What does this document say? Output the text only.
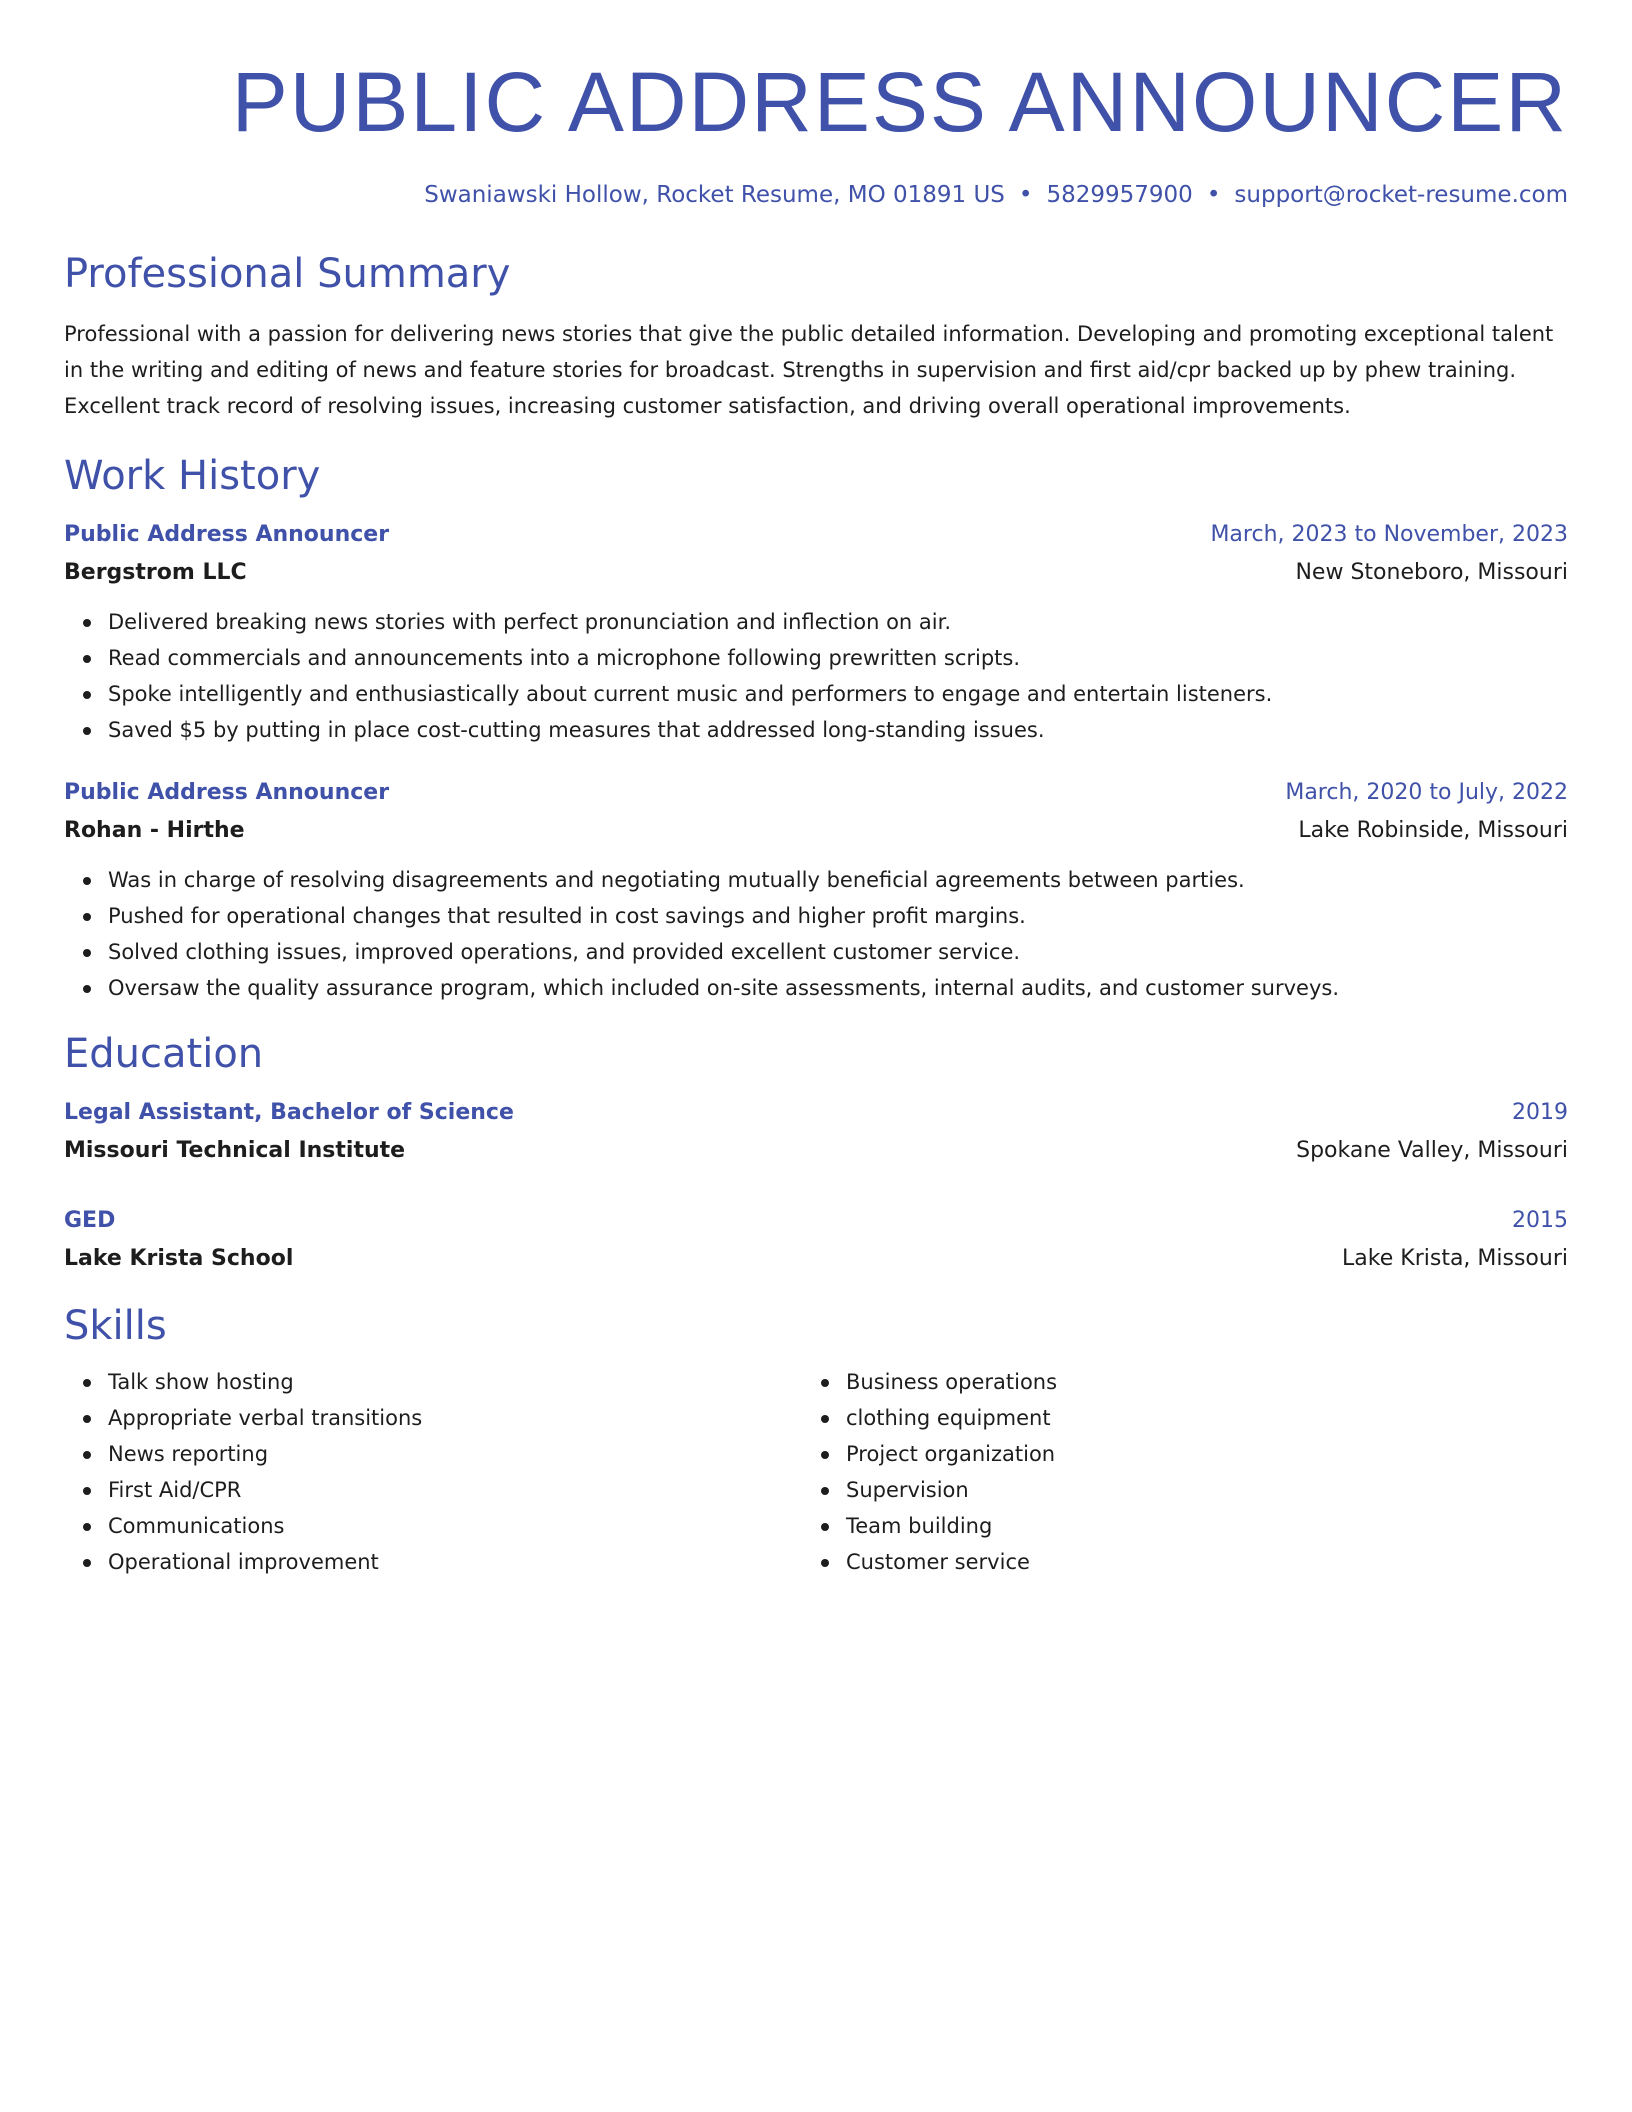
PUBLIC ADDRESS ANNOUNCER
Swaniawski Hollow, Rocket Resume, MO 01891 US • 5829957900 • support@rocket-resume.com
Professional Summary
Professional with a passion for delivering news stories that give the public detailed information. Developing and promoting exceptional talent in the writing and editing of news and feature stories for broadcast. Strengths in supervision and first aid/cpr backed up by phew training. Excellent track record of resolving issues, increasing customer satisfaction, and driving overall operational improvements.
Work History
Public Address Announcer	March, 2023 to November, 2023
Bergstrom LLC	New Stoneboro, Missouri
Delivered breaking news stories with perfect pronunciation and inflection on air.
Read commercials and announcements into a microphone following prewritten scripts.
Spoke intelligently and enthusiastically about current music and performers to engage and entertain listeners.
Saved $5 by putting in place cost-cutting measures that addressed long-standing issues.
Public Address Announcer	March, 2020 to July, 2022
Rohan - Hirthe	Lake Robinside, Missouri
Was in charge of resolving disagreements and negotiating mutually beneficial agreements between parties.
Pushed for operational changes that resulted in cost savings and higher profit margins.
Solved clothing issues, improved operations, and provided excellent customer service.
Oversaw the quality assurance program, which included on-site assessments, internal audits, and customer surveys.
Education
Legal Assistant, Bachelor of Science	2019
Missouri Technical Institute	Spokane Valley, Missouri
GED	2015
Lake Krista School	Lake Krista, Missouri
Skills
Talk show hosting
Appropriate verbal transitions
News reporting
First Aid/CPR
Communications
Operational improvement
Business operations
clothing equipment
Project organization
Supervision
Team building
Customer service
